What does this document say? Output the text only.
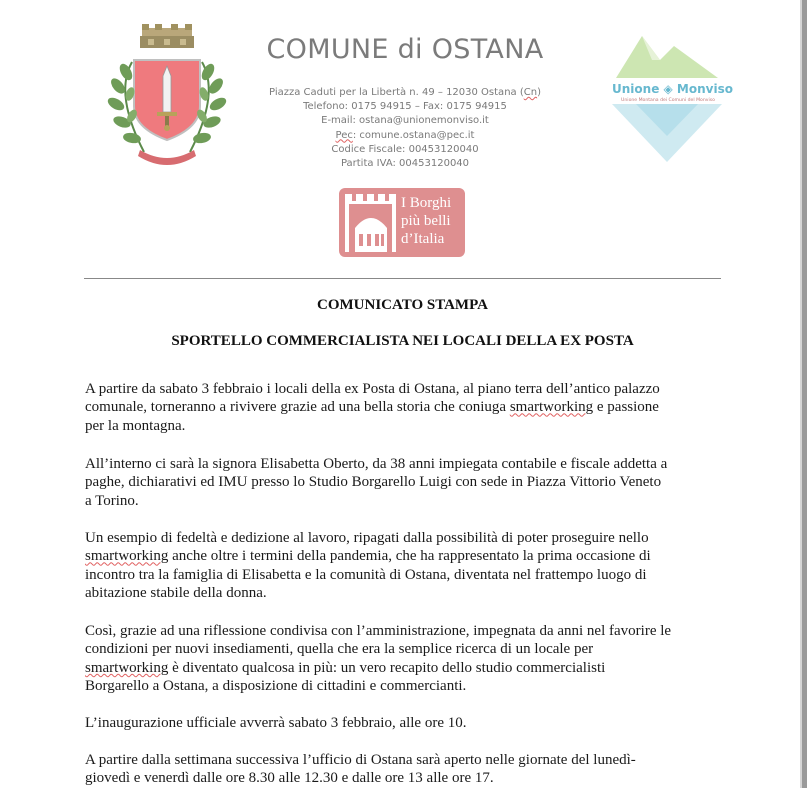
COMUNE di OSTANA
Piazza Caduti per la Libertà n. 49 – 12030 Ostana (Cn)
Telefono: 0175 94915 – Fax: 0175 94915
E-mail: ostana@unionemonviso.it
Pec: comune.ostana@pec.it
Codice Fiscale: 00453120040
Partita IVA: 00453120040
Unione ◈ Monviso
Unione Montana dei Comuni del Monviso
I Borghi
più belli
d’Italia
COMUNICATO STAMPA
SPORTELLO COMMERCIALISTA NEI LOCALI DELLA EX POSTA
A partire da sabato 3 febbraio i locali della ex Posta di Ostana, al piano terra dell’antico palazzo
comunale, torneranno a rivivere grazie ad una bella storia che coniuga smartworking e passione
per la montagna.
All’interno ci sarà la signora Elisabetta Oberto, da 38 anni impiegata contabile e fiscale addetta a
paghe, dichiarativi ed IMU presso lo Studio Borgarello Luigi con sede in Piazza Vittorio Veneto
a Torino.
Un esempio di fedeltà e dedizione al lavoro, ripagati dalla possibilità di poter proseguire nello
smartworking anche oltre i termini della pandemia, che ha rappresentato la prima occasione di
incontro tra la famiglia di Elisabetta e la comunità di Ostana, diventata nel frattempo luogo di
abitazione stabile della donna.
Così, grazie ad una riflessione condivisa con l’amministrazione, impegnata da anni nel favorire le
condizioni per nuovi insediamenti, quella che era la semplice ricerca di un locale per
smartworking è diventato qualcosa in più: un vero recapito dello studio commercialisti
Borgarello a Ostana, a disposizione di cittadini e commercianti.
L’inaugurazione ufficiale avverrà sabato 3 febbraio, alle ore 10.
A partire dalla settimana successiva l’ufficio di Ostana sarà aperto nelle giornate del lunedì-
giovedì e venerdì dalle ore 8.30 alle 12.30 e dalle ore 13 alle ore 17.
